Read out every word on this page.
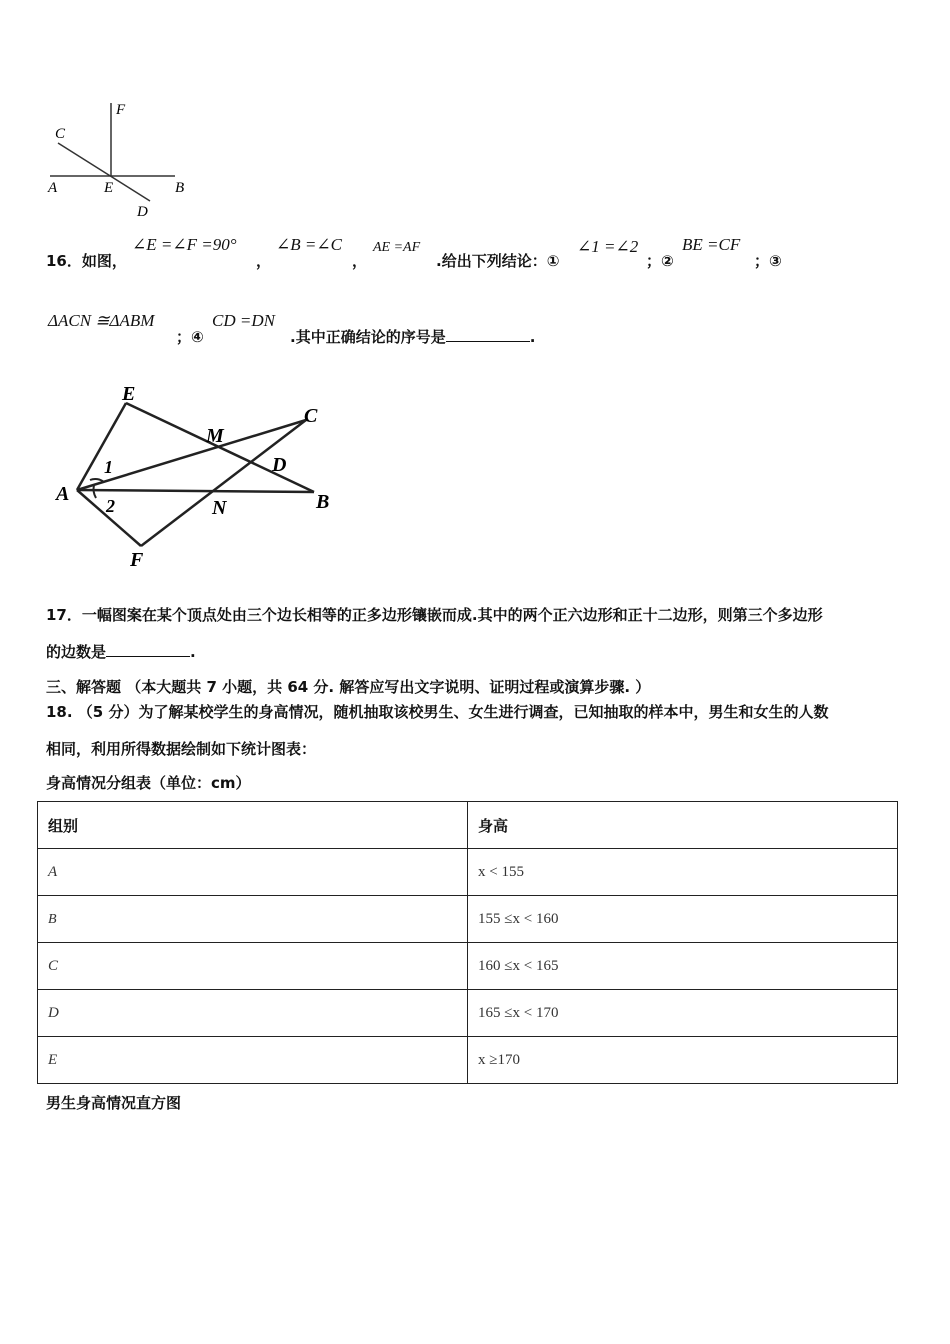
F
C
A	E	B
D
16．如图，
∠E =∠F =90°
，
∠B =∠C
，
AE =AF
.给出下列结论：①
∠1 =∠2
；②
BE =CF
；③
ΔACN ≅ΔABM
；④
CD =DN
.其中正确结论的序号是	.
E
M
C
1	D
A
2	N	B
F
17．一幅图案在某个顶点处由三个边长相等的正多边形镶嵌而成.其中的两个正六边形和正十二边形，则第三个多边形
的边数是	.
三、解答题 （本大题共 7 小题，共 64 分. 解答应写出文字说明、证明过程或演算步骤. ）
18. （5 分）为了解某校学生的身高情况，随机抽取该校男生、女生进行调查，已知抽取的样本中，男生和女生的人数
相同，利用所得数据绘制如下统计图表：
身高情况分组表（单位：cm）
组别	身高
A	x < 155
B	155 ≤x < 160
C	160 ≤x < 165
D	165 ≤x < 170
E	x ≥170
男生身高情况直方图
